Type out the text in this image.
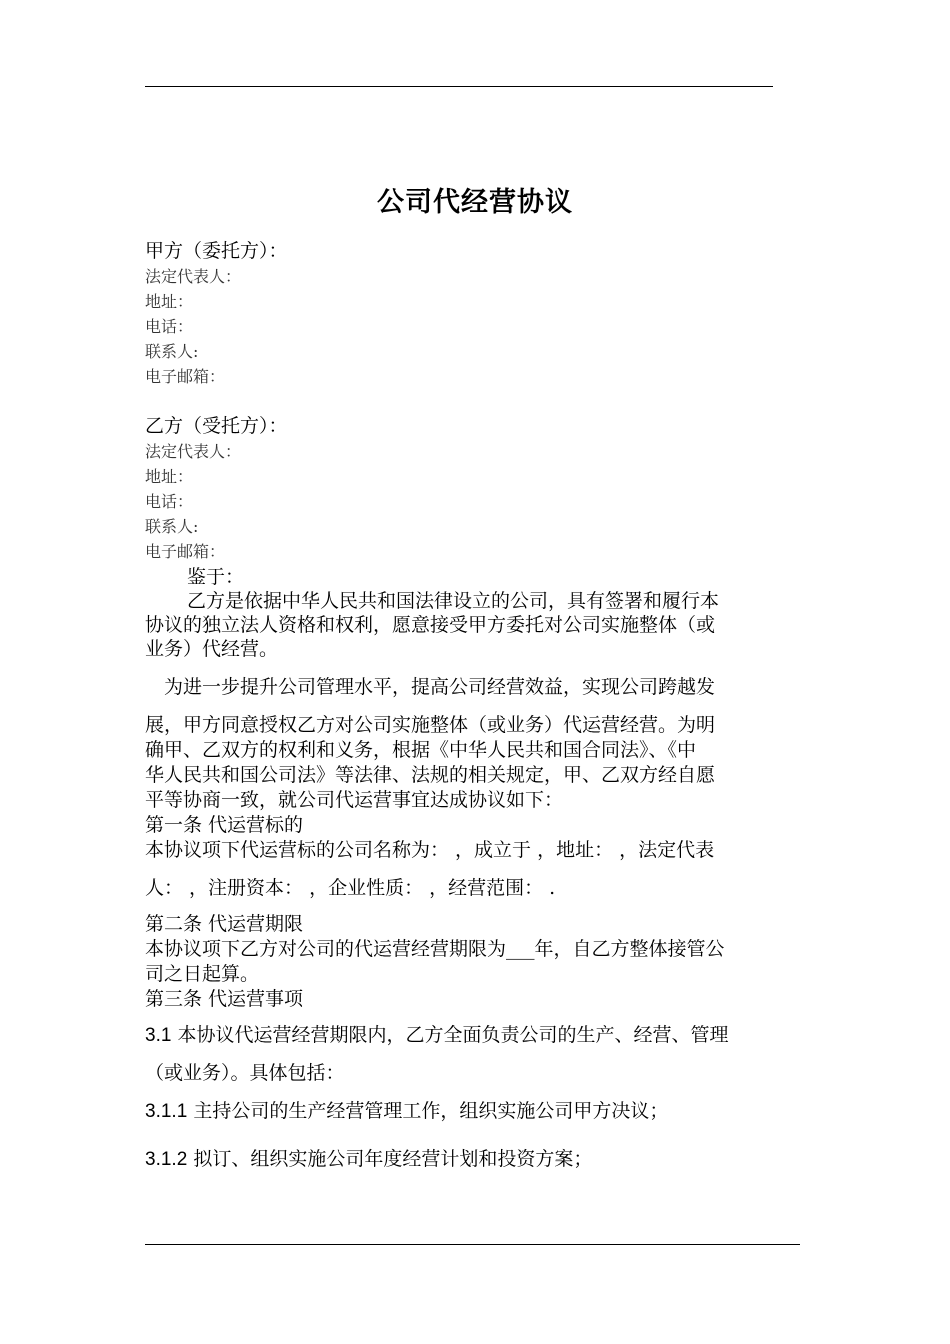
公司代经营协议
甲方（委托方）：
法定代表人：
地址：
电话：
联系人:
电子邮箱：
乙方（受托方）：
法定代表人：
地址：
电话：
联系人:
电子邮箱：
鉴于：
乙方是依据中华人民共和国法律设立的公司，具有签署和履行本
协议的独立法人资格和权利，愿意接受甲方委托对公司实施整体（或
业务）代经营。
为进一步提升公司管理水平，提高公司经营效益，实现公司跨越发
展，甲方同意授权乙方对公司实施整体（或业务）代运营经营。为明
确甲、乙双方的权利和义务，根据《中华人民共和国合同法》、《中
华人民共和国公司法》等法律、法规的相关规定，甲、乙双方经自愿
平等协商一致，就公司代运营事宜达成协议如下：
第一条 代运营标的
本协议项下代运营标的公司名称为： ，成立于 ，地址： ，法定代表
人： ，注册资本： ，企业性质： ，经营范围： .
第二条 代运营期限
本协议项下乙方对公司的代运营经营期限为___年，自乙方整体接管公
司之日起算。
第三条 代运营事项
3.1 本协议代运营经营期限内，乙方全面负责公司的生产、经营、管理
（或业务）。具体包括：
3.1.1 主持公司的生产经营管理工作，组织实施公司甲方决议；
3.1.2 拟订、组织实施公司年度经营计划和投资方案；
